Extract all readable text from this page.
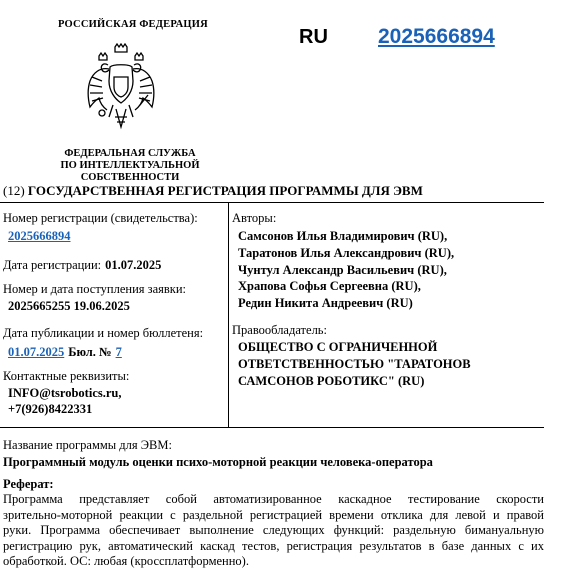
РОССИЙСКАЯ ФЕДЕРАЦИЯ
ФЕДЕРАЛЬНАЯ СЛУЖБА
ПО ИНТЕЛЛЕКТУАЛЬНОЙ СОБСТВЕННОСТИ
RU 2025666894
(12) ГОСУДАРСТВЕННАЯ РЕГИСТРАЦИЯ ПРОГРАММЫ ДЛЯ ЭВМ
Номер регистрации (свидетельства):
2025666894
Дата регистрации: 01.07.2025
Номер и дата поступления заявки:
2025665255 19.06.2025
Дата публикации и номер бюллетеня:
01.07.2025 Бюл. № 7
Контактные реквизиты:
INFO@tsrobotics.ru,
+7(926)8422331
Авторы:
Самсонов Илья Владимирович (RU),
Таратонов Илья Александрович (RU),
Чунтул Александр Васильевич (RU),
Храпова Софья Сергеевна (RU),
Редин Никита Андреевич (RU)
Правообладатель:
ОБЩЕСТВО С ОГРАНИЧЕННОЙ
ОТВЕТСТВЕННОСТЬЮ "ТАРАТОНОВ
САМСОНОВ РОБОТИКС" (RU)
Название программы для ЭВМ:
Программный модуль оценки психо-моторной реакции человека-оператора
Реферат:
Программа представляет собой автоматизированное каскадное тестирование скорости
зрительно-моторной реакции с раздельной регистрацией времени отклика для левой и правой
руки. Программа обеспечивает выполнение следующих функций: раздельную бимануальную
регистрацию рук, автоматический каскад тестов, регистрация результатов в базе данных с их
обработкой. ОС: любая (кроссплатформенно).
